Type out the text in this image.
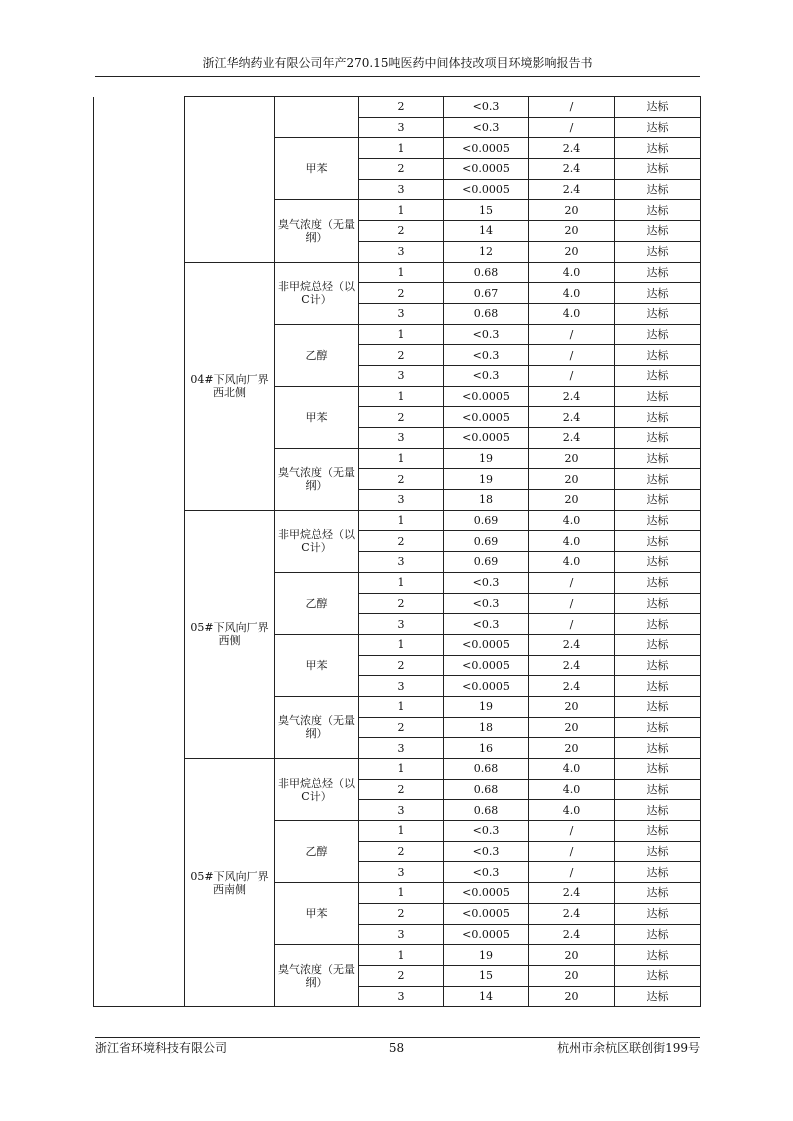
浙江华纳药业有限公司年产270.15吨医药中间体技改项目环境影响报告书
			2	<0.3	/	达标
			3	<0.3	/	达标
		甲苯	1	<0.0005	2.4	达标
			2	<0.0005	2.4	达标
			3	<0.0005	2.4	达标
		臭气浓度（无量纲）	1	15	20	达标
			2	14	20	达标
			3	12	20	达标
	04#下风向厂界西北侧	非甲烷总烃（以C计）	1	0.68	4.0	达标
			2	0.67	4.0	达标
			3	0.68	4.0	达标
		乙醇	1	<0.3	/	达标
			2	<0.3	/	达标
			3	<0.3	/	达标
		甲苯	1	<0.0005	2.4	达标
			2	<0.0005	2.4	达标
			3	<0.0005	2.4	达标
		臭气浓度（无量纲）	1	19	20	达标
			2	19	20	达标
			3	18	20	达标
	05#下风向厂界西侧	非甲烷总烃（以C计）	1	0.69	4.0	达标
			2	0.69	4.0	达标
			3	0.69	4.0	达标
		乙醇	1	<0.3	/	达标
			2	<0.3	/	达标
			3	<0.3	/	达标
		甲苯	1	<0.0005	2.4	达标
			2	<0.0005	2.4	达标
			3	<0.0005	2.4	达标
		臭气浓度（无量纲）	1	19	20	达标
			2	18	20	达标
			3	16	20	达标
	05#下风向厂界西南侧	非甲烷总烃（以C计）	1	0.68	4.0	达标
			2	0.68	4.0	达标
			3	0.68	4.0	达标
		乙醇	1	<0.3	/	达标
			2	<0.3	/	达标
			3	<0.3	/	达标
		甲苯	1	<0.0005	2.4	达标
			2	<0.0005	2.4	达标
			3	<0.0005	2.4	达标
		臭气浓度（无量纲）	1	19	20	达标
			2	15	20	达标
			3	14	20	达标
浙江省环境科技有限公司	58	杭州市余杭区联创街199号
